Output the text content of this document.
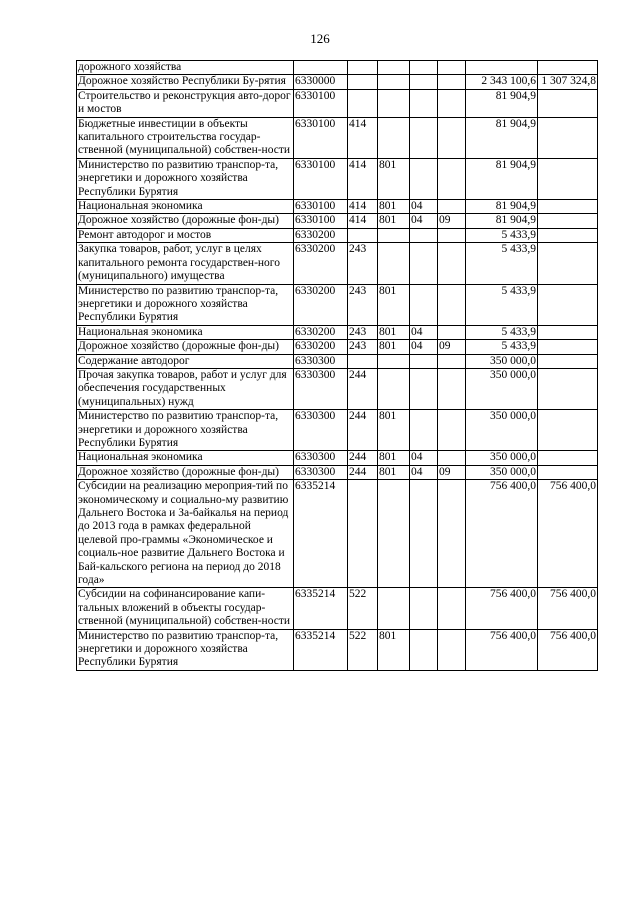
126
дорожного хозяйства							
Дорожное хозяйство Республики Бу-рятия	6330000					2 343 100,6	1 307 324,8
Строительство и реконструкция авто-дорог и мостов	6330100					81 904,9	
Бюджетные инвестиции в объекты капитального строительства государ-ственной (муниципальной) собствен-ности	6330100	414				81 904,9	
Министерство по развитию транспор-та, энергетики и дорожного хозяйства Республики Бурятия	6330100	414	801			81 904,9	
Национальная экономика	6330100	414	801	04		81 904,9	
Дорожное хозяйство (дорожные фон-ды)	6330100	414	801	04	09	81 904,9	
Ремонт автодорог и мостов	6330200					5 433,9	
Закупка товаров, работ, услуг в целях капитального ремонта государствен-ного (муниципального) имущества	6330200	243				5 433,9	
Министерство по развитию транспор-та, энергетики и дорожного хозяйства Республики Бурятия	6330200	243	801			5 433,9	
Национальная экономика	6330200	243	801	04		5 433,9	
Дорожное хозяйство (дорожные фон-ды)	6330200	243	801	04	09	5 433,9	
Содержание автодорог	6330300					350 000,0	
Прочая закупка товаров, работ и услуг для обеспечения государственных (муниципальных) нужд	6330300	244				350 000,0	
Министерство по развитию транспор-та, энергетики и дорожного хозяйства Республики Бурятия	6330300	244	801			350 000,0	
Национальная экономика	6330300	244	801	04		350 000,0	
Дорожное хозяйство (дорожные фон-ды)	6330300	244	801	04	09	350 000,0	
Субсидии на реализацию мероприя-тий по экономическому и социально-му развитию Дальнего Востока и За-байкалья на период до 2013 года в рамках федеральной целевой про-граммы «Экономическое и социаль-ное развитие Дальнего Востока и Бай-кальского региона на период до 2018 года»	6335214					756 400,0	756 400,0
Субсидии на софинансирование капи-тальных вложений в объекты государ-ственной (муниципальной) собствен-ности	6335214	522				756 400,0	756 400,0
Министерство по развитию транспор-та, энергетики и дорожного хозяйства Республики Бурятия	6335214	522	801			756 400,0	756 400,0
